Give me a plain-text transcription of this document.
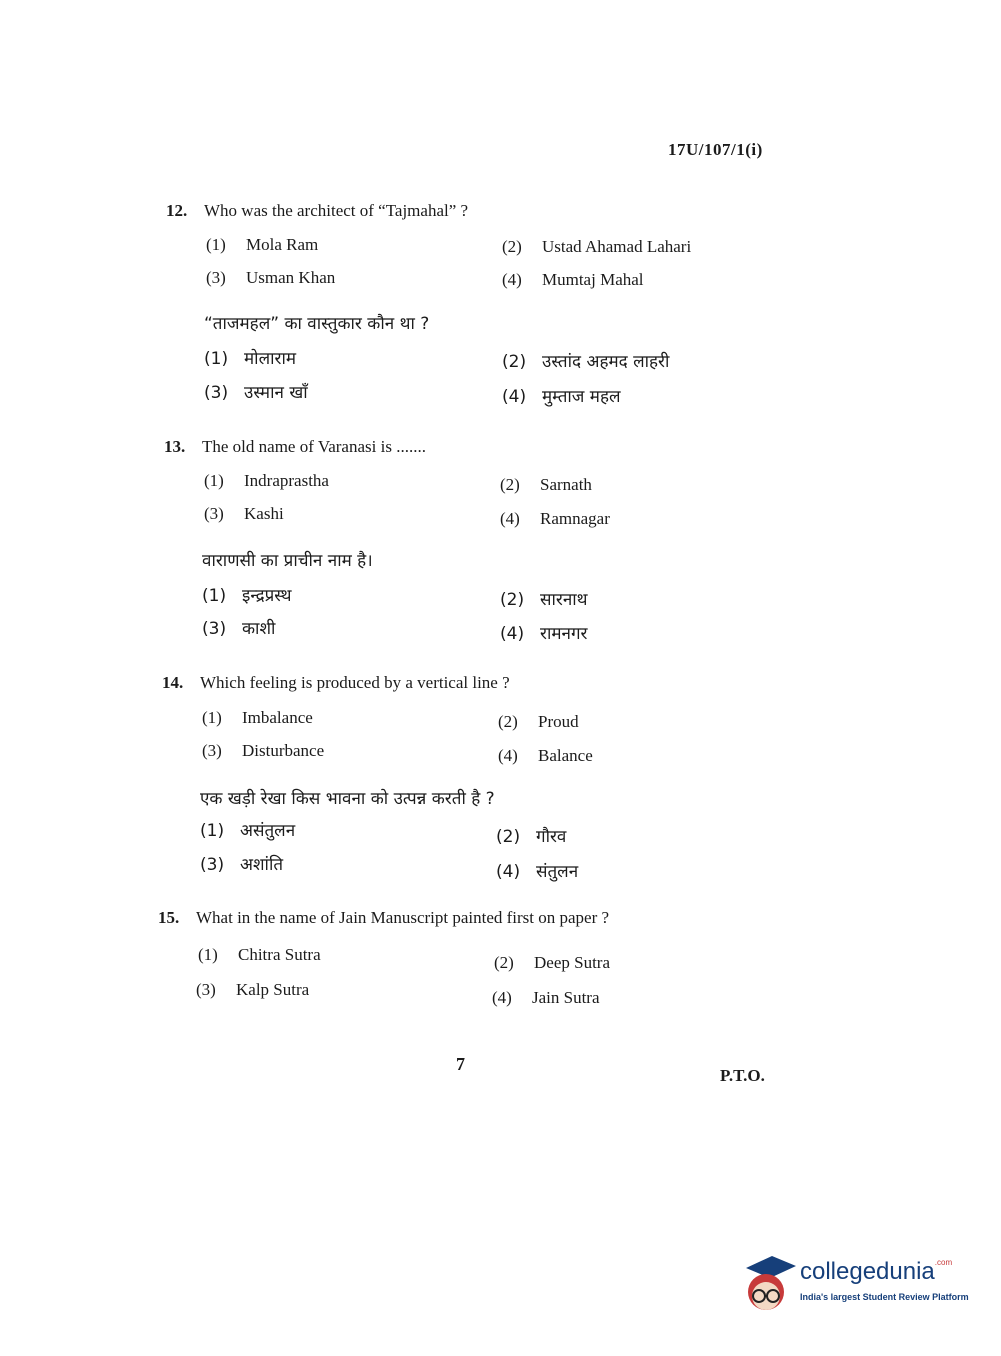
17U/107/1(i)
12. Who was the architect of “Tajmahal” ?
(1) Mola Ram	(2) Ustad Ahamad Lahari
(3) Usman Khan	(4) Mumtaj Mahal
“ताजमहल” का वास्तुकार कौन था ?
(1) मोलाराम	(2) उस्तांद अहमद लाहरी
(3) उस्मान खाँ	(4) मुम्ताज महल
13. The old name of Varanasi is .......
(1) Indraprastha	(2) Sarnath
(3) Kashi	(4) Ramnagar
वाराणसी का प्राचीन नाम है।
(1) इन्द्रप्रस्थ	(2) सारनाथ
(3) काशी	(4) रामनगर
14. Which feeling is produced by a vertical line ?
(1) Imbalance	(2) Proud
(3) Disturbance	(4) Balance
एक खड़ी रेखा किस भावना को उत्पन्न करती है ?
(1) असंतुलन	(2) गौरव
(3) अशांति	(4) संतुलन
15. What in the name of Jain Manuscript painted first on paper ?
(1) Chitra Sutra	(2) Deep Sutra
(3) Kalp Sutra	(4) Jain Sutra
7
P.T.O.
collegedunia$^{.com}$
India's largest Student Review Platform
